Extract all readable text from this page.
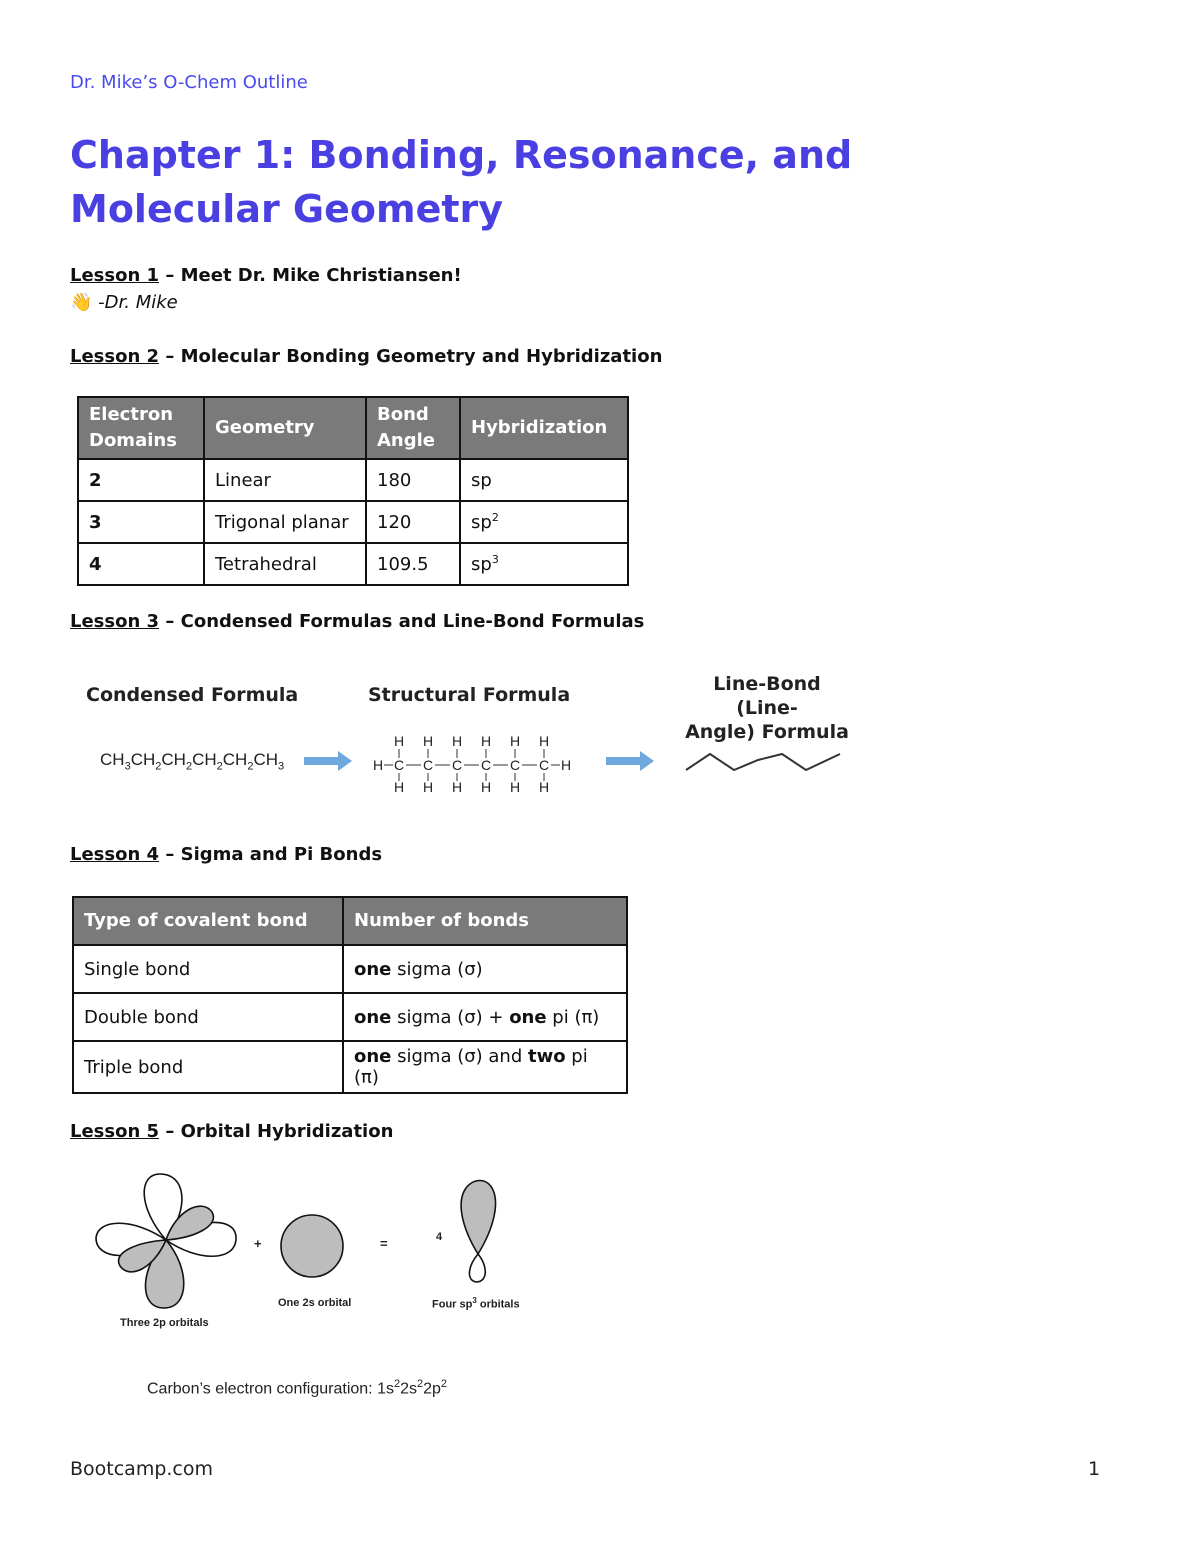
Dr. Mike’s O-Chem Outline
Chapter 1: Bonding, Resonance, and Molecular Geometry
Lesson 1 – Meet Dr. Mike Christiansen!
👋 -Dr. Mike
Lesson 2 – Molecular Bonding Geometry and Hybridization
Electron Domains	Geometry	Bond Angle	Hybridization
2	Linear	180	sp
3	Trigonal planar	120	$sp^2$
4	Tetrahedral	109.5	$sp^3$
Lesson 3 – Condensed Formulas and Line-Bond Formulas
Condensed Formula	Structural Formula	Line-Bond (Line-
Angle) Formula
$CH_3CH_2CH_2CH_2CH_2CH_3$	H C
H
H
C
H
H
C
H
H
C
H
H
C
H
H
C
H
H
H
Lesson 4 – Sigma and Pi Bonds
Type of covalent bond	Number of bonds
Single bond	one sigma (σ)
Double bond	one sigma (σ) + one pi (π)
Triple bond	one sigma (σ) and two pi (π)
Lesson 5 – Orbital Hybridization
Three 2p orbitals
+
One 2s orbital
=	4
Four $sp^3$ orbitals
Carbon’s electron configuration: $1s^22s^22p^2$
Bootcamp.com	1
